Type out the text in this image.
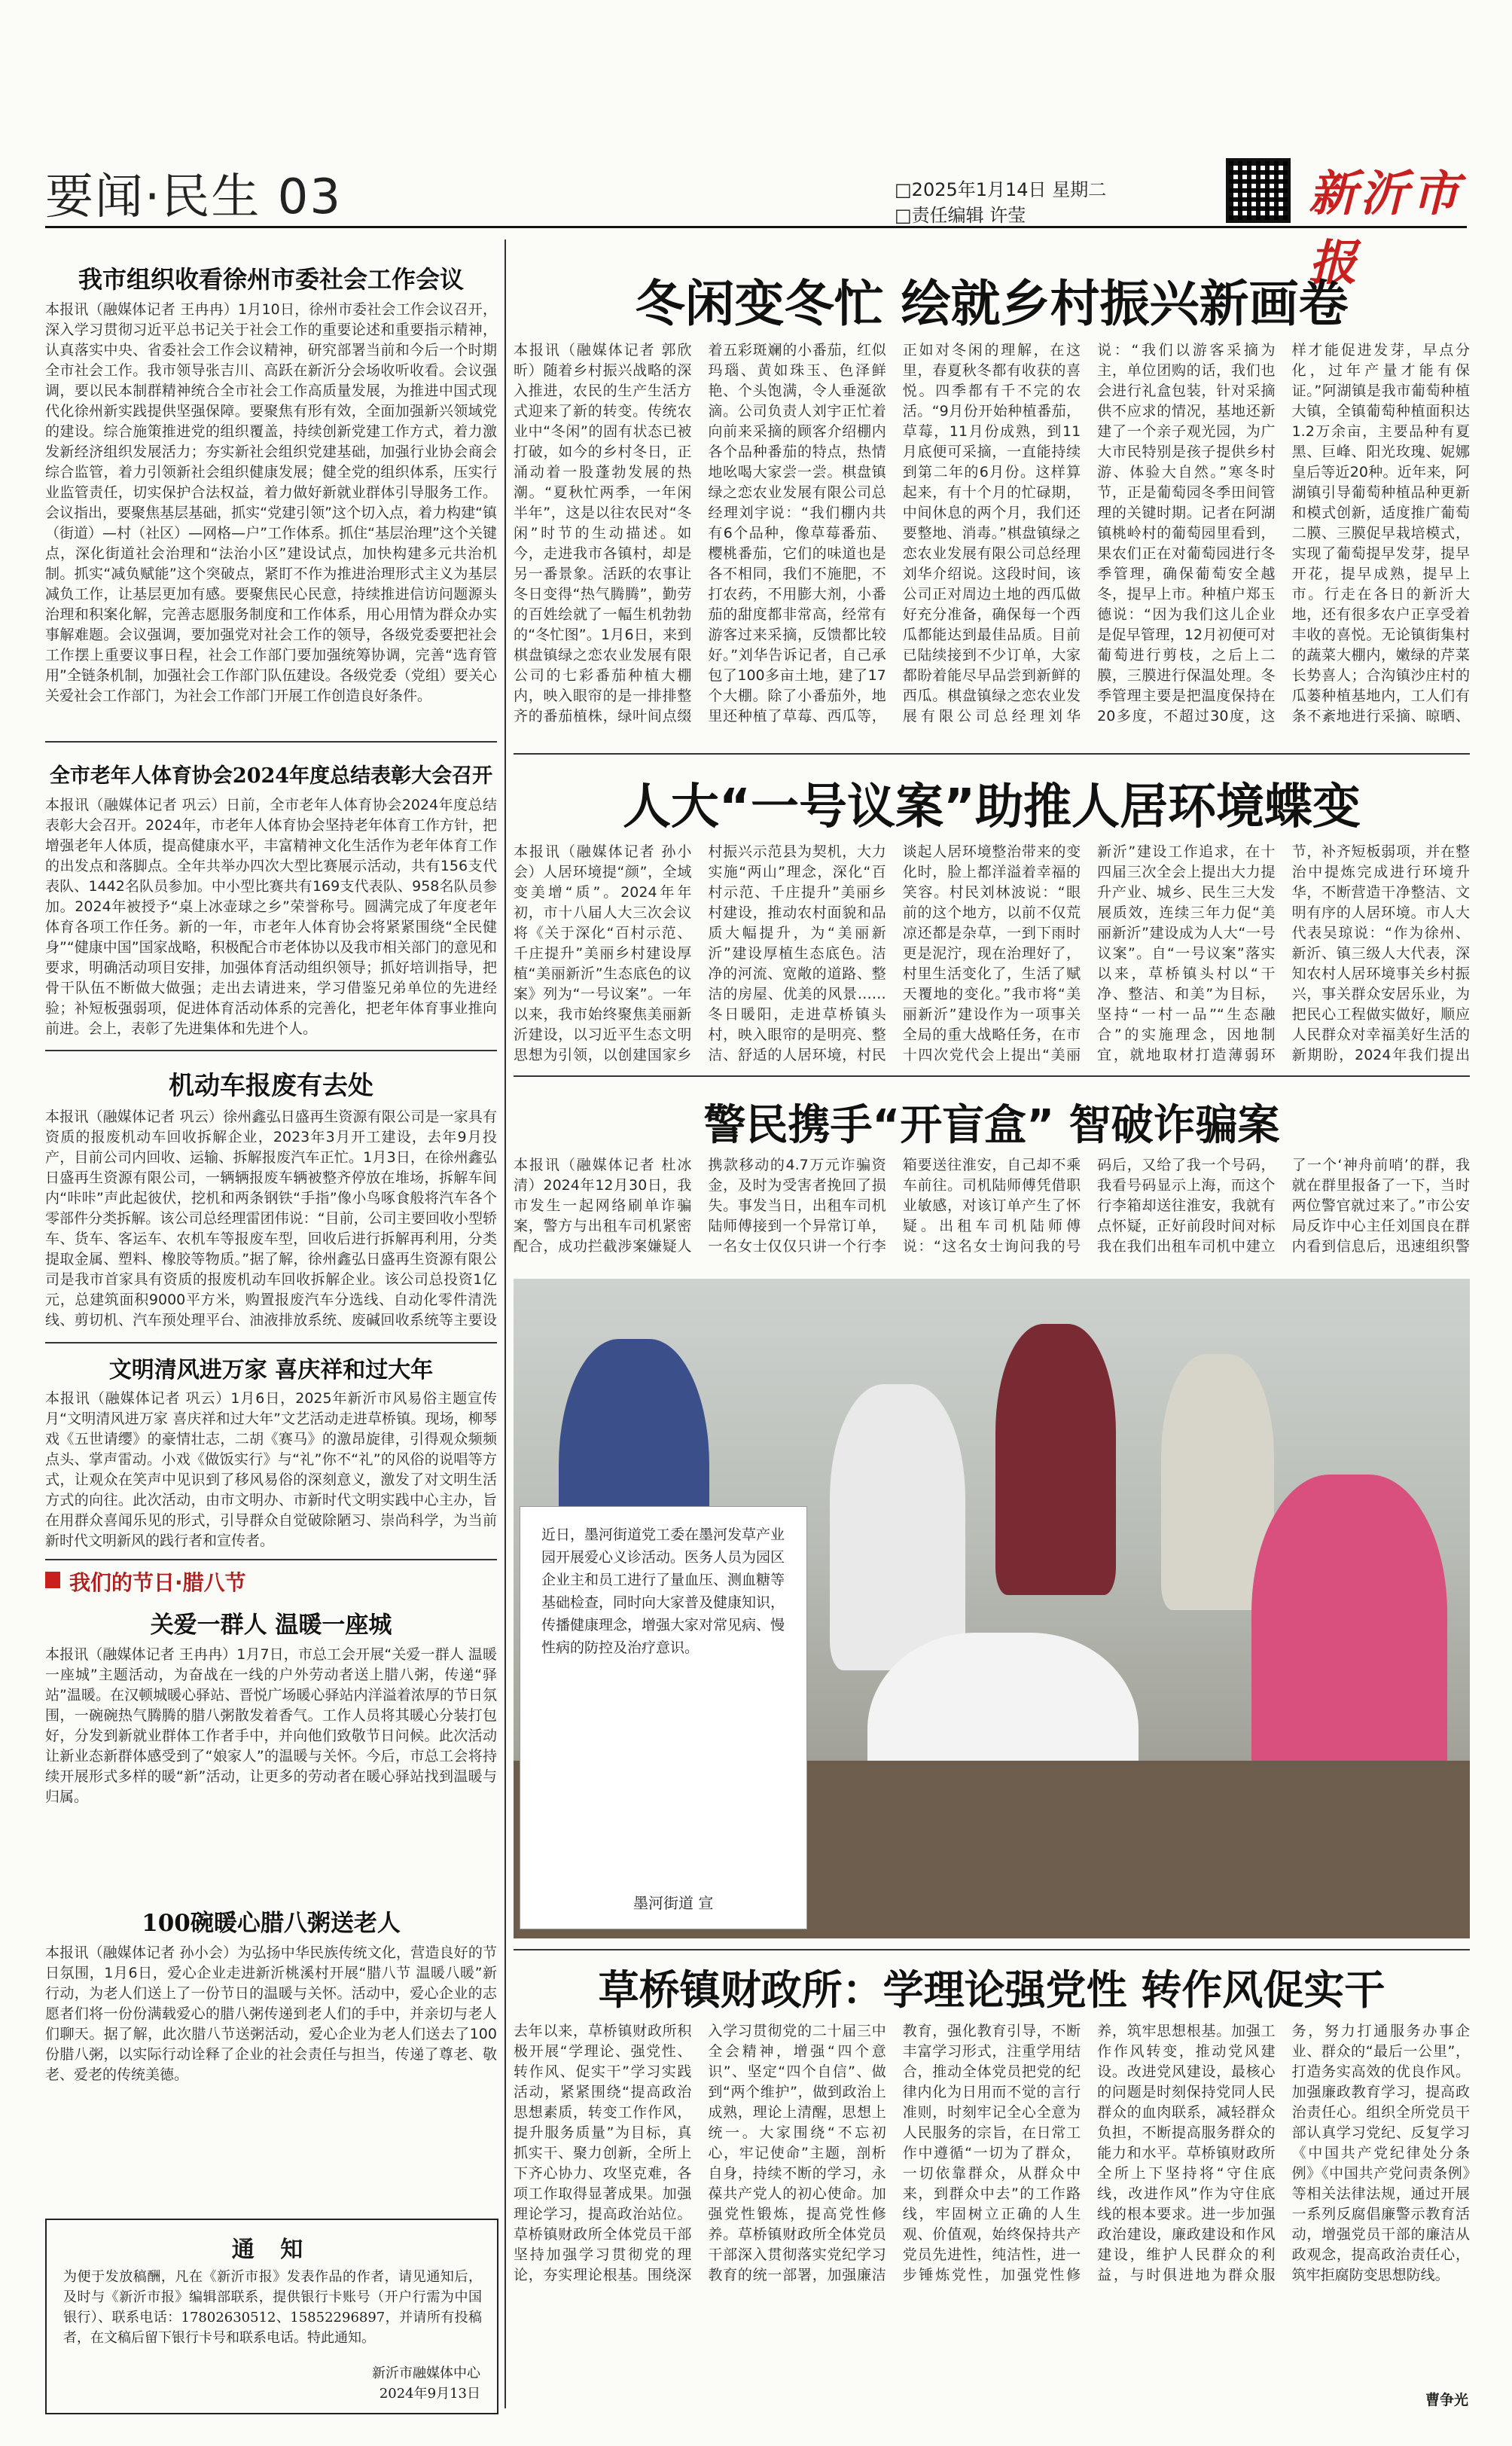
要闻·民生 03	□2025年1月14日 星期二
□责任编辑 许莹	新沂市报
我市组织收看徐州市委社会工作会议
本报讯（融媒体记者 王冉冉）1月10日，徐州市委社会工作会议召开，深入学习贯彻习近平总书记关于社会工作的重要论述和重要指示精神，认真落实中央、省委社会工作会议精神，研究部署当前和今后一个时期全市社会工作。我市领导张吉川、高跃在新沂分会场收听收看。会议强调，要以民本制群精神统合全市社会工作高质量发展，为推进中国式现代化徐州新实践提供坚强保障。要聚焦有形有效，全面加强新兴领域党的建设。综合施策推进党的组织覆盖，持续创新党建工作方式，着力激发新经济组织发展活力；夯实新社会组织党建基础，加强行业协会商会综合监管，着力引领新社会组织健康发展；健全党的组织体系，压实行业监管责任，切实保护合法权益，着力做好新就业群体引导服务工作。会议指出，要聚焦基层基础，抓实“党建引领”这个切入点，着力构建“镇（街道）—村（社区）—网格—户”工作体系。抓住“基层治理”这个关键点，深化街道社会治理和“法治小区”建设试点，加快构建多元共治机制。抓实“减负赋能”这个突破点，紧盯不作为推进治理形式主义为基层减负工作，让基层更加有感。要聚焦民心民意，持续推进信访问题源头治理和积案化解，完善志愿服务制度和工作体系，用心用情为群众办实事解难题。会议强调，要加强党对社会工作的领导，各级党委要把社会工作摆上重要议事日程，社会工作部门要加强统筹协调，完善“选育管用”全链条机制，加强社会工作部门队伍建设。各级党委（党组）要关心关爱社会工作部门，为社会工作部门开展工作创造良好条件。
全市老年人体育协会2024年度总结表彰大会召开
本报讯（融媒体记者 巩云）日前，全市老年人体育协会2024年度总结表彰大会召开。2024年，市老年人体育协会坚持老年体育工作方针，把增强老年人体质，提高健康水平，丰富精神文化生活作为老年体育工作的出发点和落脚点。全年共举办四次大型比赛展示活动，共有156支代表队、1442名队员参加。中小型比赛共有169支代表队、958名队员参加。2024年被授予“桌上冰壶球之乡”荣誉称号。圆满完成了年度老年体育各项工作任务。新的一年，市老年人体育协会将紧紧围绕“全民健身”“健康中国”国家战略，积极配合市老体协以及我市相关部门的意见和要求，明确活动项目安排，加强体育活动组织领导；抓好培训指导，把骨干队伍不断做大做强；走出去请进来，学习借鉴兄弟单位的先进经验；补短板强弱项，促进体育活动体系的完善化，把老年体育事业推向前进。会上，表彰了先进集体和先进个人。
机动车报废有去处
本报讯（融媒体记者 巩云）徐州鑫弘日盛再生资源有限公司是一家具有资质的报废机动车回收拆解企业，2023年3月开工建设，去年9月投产，目前公司内回收、运输、拆解报废汽车正忙。1月3日，在徐州鑫弘日盛再生资源有限公司，一辆辆报废车辆被整齐停放在堆场，拆解车间内“咔咔”声此起彼伏，挖机和两条钢铁“手指”像小鸟啄食般将汽车各个零部件分类拆解。该公司总经理雷团伟说：“目前，公司主要回收小型轿车、货车、客运车、农机车等报废车型，回收后进行拆解再利用，分类提取金属、塑料、橡胶等物质。”据了解，徐州鑫弘日盛再生资源有限公司是我市首家具有资质的报废机动车回收拆解企业。该公司总投资1亿元，总建筑面积9000平方米，购置报废汽车分选线、自动化零件清洗线、剪切机、汽车预处理平台、油液排放系统、废碱回收系统等主要设
我们的节日·腊八节
关爱一群人 温暖一座城
本报讯（融媒体记者 王冉冉）1月7日，市总工会开展“关爱一群人 温暖一座城”主题活动，为奋战在一线的户外劳动者送上腊八粥，传递“驿站”温暖。在汉顿城暖心驿站、晋悦广场暖心驿站内洋溢着浓厚的节日氛围，一碗碗热气腾腾的腊八粥散发着香气。工作人员将其暖心分装打包好，分发到新就业群体工作者手中，并向他们致敬节日问候。此次活动让新业态新群体感受到了“娘家人”的温暖与关怀。今后，市总工会将持续开展形式多样的暖“新”活动，让更多的劳动者在暖心驿站找到温暖与归属。
100碗暖心腊八粥送老人
本报讯（融媒体记者 孙小会）为弘扬中华民族传统文化，营造良好的节日氛围，1月6日，爱心企业走进新沂桃溪村开展“腊八节 温暖八暖”新行动，为老人们送上了一份节日的温暖与关怀。活动中，爱心企业的志愿者们将一份份满载爱心的腊八粥传递到老人们的手中，并亲切与老人们聊天。据了解，此次腊八节送粥活动，爱心企业为老人们送去了100份腊八粥，以实际行动诠释了企业的社会责任与担当，传递了尊老、敬老、爱老的传统美德。
通 知
为便于发放稿酬，凡在《新沂市报》发表作品的作者，请见通知后，及时与《新沂市报》编辑部联系，提供银行卡账号（开户行需为中国银行）、联系电话：17802630512、15852296897，并请所有投稿者，在文稿后留下银行卡号和联系电话。特此通知。
新沂市融媒体中心
2024年9月13日
冬闲变冬忙 绘就乡村振兴新画卷
本报讯（融媒体记者 郭欣昕）随着乡村振兴战略的深入推进，农民的生产生活方式迎来了新的转变。传统农业中“冬闲”的固有状态已被打破，如今的乡村冬日，正涌动着一股蓬勃发展的热潮。“夏秋忙两季，一年闲半年”，这是以往农民对“冬闲”时节的生动描述。如今，走进我市各镇村，却是另一番景象。活跃的农事让冬日变得“热气腾腾”，勤劳的百姓绘就了一幅生机勃勃的“冬忙图”。1月6日，来到棋盘镇绿之恋农业发展有限公司的七彩番茄种植大棚内，映入眼帘的是一排排整齐的番茄植株，绿叶间点缀着五彩斑斓的小番茄，红似玛瑙、黄如珠玉、色泽鲜艳、个头饱满，令人垂涎欲滴。公司负责人刘宇正忙着向前来采摘的顾客介绍棚内各个品种番茄的特点，热情地吆喝大家尝一尝。棋盘镇绿之恋农业发展有限公司总经理刘宇说：“我们棚内共有6个品种，像草莓番茄、樱桃番茄，它们的味道也是各不相同，我们不施肥，不打农药，不用膨大剂，小番茄的甜度都非常高，经常有游客过来采摘，反馈都比较好。”刘华告诉记者，自己承包了100多亩土地，建了17个大棚。除了小番茄外，地里还种植了草莓、西瓜等，正如对冬闲的理解，在这里，春夏秋冬都有收获的喜悦。四季都有千不完的农活。“9月份开始种植番茄，草莓，11月份成熟，到11月底便可采摘，一直能持续到第二年的6月份。这样算起来，有十个月的忙碌期，中间休息的两个月，我们还要整地、消毒。”棋盘镇绿之恋农业发展有限公司总经理刘华介绍说。这段时间，该公司正对周边土地的西瓜做好充分准备，确保每一个西瓜都能达到最佳品质。目前已陆续接到不少订单，大家都盼着能尽早品尝到新鲜的西瓜。棋盘镇绿之恋农业发展有限公司总经理刘华说：“我们以游客采摘为主，单位团购的话，我们也会进行礼盒包装，针对采摘供不应求的情况，基地还新建了一个亲子观光园，为广大市民特别是孩子提供乡村游、体验大自然。”寒冬时节，正是葡萄园冬季田间管理的关键时期。记者在阿湖镇桃岭村的葡萄园里看到，果农们正在对葡萄园进行冬季管理，确保葡萄安全越冬，提早上市。种植户郑玉德说：“因为我们这儿企业是促早管理，12月初便可对葡萄进行剪枝，之后上二膜，三膜进行保温处理。冬季管理主要是把温度保持在20多度，不超过30度，这样才能促进发芽，早点分化，过年产量才能有保证。”阿湖镇是我市葡萄种植大镇，全镇葡萄种植面积达1.2万余亩，主要品种有夏黑、巨峰、阳光玫瑰、妮娜皇后等近20种。近年来，阿湖镇引导葡萄种植品种更新和模式创新，适度推广葡萄二膜、三膜促早栽培模式，实现了葡萄提早发芽，提早开花，提早成熟，提早上市。行走在各日的新沂大地，还有很多农户正享受着丰收的喜悦。无论镇街集村的蔬菜大棚内，嫩绿的芹菜长势喜人；合沟镇沙庄村的瓜蒌种植基地内，工人们有条不紊地进行采摘、晾晒、
人大“一号议案”助推人居环境蝶变
本报讯（融媒体记者 孙小会）人居环境提“颜”，全域变美增“质”。2024年年初，市十八届人大三次会议将《关于深化“百村示范、千庄提升”美丽乡村建设厚植“美丽新沂”生态底色的议案》列为“一号议案”。一年以来，我市始终聚焦美丽新沂建设，以习近平生态文明思想为引领，以创建国家乡村振兴示范县为契机，大力实施“两山”理念，深化“百村示范、千庄提升”美丽乡村建设，推动农村面貌和品质大幅提升，为“美丽新沂”建设厚植生态底色。洁净的河流、宽敞的道路、整洁的房屋、优美的风景……冬日暖阳，走进草桥镇头村，映入眼帘的是明亮、整洁、舒适的人居环境，村民谈起人居环境整治带来的变化时，脸上都洋溢着幸福的笑容。村民刘林波说：“眼前的这个地方，以前不仅荒凉还都是杂草，一到下雨时更是泥泞，现在治理好了，村里生活变化了，生活了赋天覆地的变化。”我市将“美丽新沂”建设作为一项事关全局的重大战略任务，在市十四次党代会上提出“美丽新沂”建设工作追求，在十四届三次全会上提出大力提升产业、城乡、民生三大发展质效，连续三年力促“美丽新沂”建设成为人大“一号议案”。自“一号议案”落实以来，草桥镇头村以“干净、整洁、和美”为目标，坚持“一村一品”“生态融合”的实施理念，因地制宜，就地取材打造薄弱环节，补齐短板弱项，并在整治中提炼完成进行环境升华，不断营造干净整洁、文明有序的人居环境。市人大代表吴琼说：“作为徐州、新沂、镇三级人大代表，深知农村人居环境事关乡村振兴，事关群众安居乐业，为把民心工程做实做好，顺应人民群众对幸福美好生活的新期盼，2024年我们提出
警民携手“开盲盒” 智破诈骗案
本报讯（融媒体记者 杜冰清）2024年12月30日，我市发生一起网络刷单诈骗案，警方与出租车司机紧密配合，成功拦截涉案嫌疑人携款移动的4.7万元诈骗资金，及时为受害者挽回了损失。事发当日，出租车司机陆师傅接到一个异常订单，一名女士仅仅只讲一个行李箱要送往淮安，自己却不乘车前往。司机陆师傅凭借职业敏感，对该订单产生了怀疑。出租车司机陆师傅说：“这名女士询问我的号码后，又给了我一个号码，我看号码显示上海，而这个行李箱却送往淮安，我就有点怀疑，正好前段时间对标我在我们出租车司机中建立了一个‘神舟前哨’的群，我就在群里报备了一下，当时两位警官就过来了。”市公安局反诈中心主任刘国良在群内看到信息后，迅速组织警
近日，墨河街道党工委在墨河发草产业园开展爱心义诊活动。医务人员为园区企业主和员工进行了量血压、测血糖等基础检查，同时向大家普及健康知识，传播健康理念，增强大家对常见病、慢性病的防控及治疗意识。
墨河街道 宣
草桥镇财政所：学理论强党性 转作风促实干
去年以来，草桥镇财政所积极开展“学理论、强党性、转作风、促实干”学习实践活动，紧紧围绕“提高政治思想素质，转变工作作风，提升服务质量”为目标，真抓实干、聚力创新，全所上下齐心协力、攻坚克难，各项工作取得显著成果。加强理论学习，提高政治站位。草桥镇财政所全体党员干部坚持加强学习贯彻党的理论，夯实理论根基。围绕深入学习贯彻党的二十届三中全会精神，增强“四个意识”、坚定“四个自信”、做到“两个维护”，做到政治上成熟，理论上清醒，思想上统一。大家围绕“不忘初心，牢记使命”主题，剖析自身，持续不断的学习，永葆共产党人的初心使命。加强党性锻炼，提高党性修养。草桥镇财政所全体党员干部深入贯彻落实党纪学习教育的统一部署，加强廉洁教育，强化教育引导，不断丰富学习形式，注重学用结合，推动全体党员把党的纪律内化为日用而不觉的言行准则，时刻牢记全心全意为人民服务的宗旨，在日常工作中遵循“一切为了群众，一切依靠群众，从群众中来，到群众中去”的工作路线，牢固树立正确的人生观、价值观，始终保持共产党员先进性，纯洁性，进一步锤炼党性，加强党性修养，筑牢思想根基。加强工作作风转变，推动党风建设。改进党风建设，最核心的问题是时刻保持党同人民群众的血肉联系，减轻群众负担，不断提高服务群众的能力和水平。草桥镇财政所全所上下坚持将“守住底线，改进作风”作为守住底线的根本要求。进一步加强政治建设，廉政建设和作风建设，维护人民群众的利益，与时俱进地为群众服务，努力打通服务办事企业、群众的“最后一公里”，打造务实高效的优良作风。加强廉政教育学习，提高政治责任心。组织全所党员干部认真学习党纪、反复学习《中国共产党纪律处分条例》《中国共产党问责条例》等相关法律法规，通过开展一系列反腐倡廉警示教育活动，增强党员干部的廉洁从政观念，提高政治责任心，筑牢拒腐防变思想防线。
曹争光
文明清风进万家 喜庆祥和过大年
本报讯（融媒体记者 巩云）1月6日，2025年新沂市风易俗主题宣传月“文明清风进万家 喜庆祥和过大年”文艺活动走进草桥镇。现场，柳琴戏《五世请缨》的豪情壮志，二胡《赛马》的激昂旋律，引得观众频频点头、掌声雷动。小戏《做饭实行》与“礼”你不“礼”的风俗的说唱等方式，让观众在笑声中见识到了移风易俗的深刻意义，激发了对文明生活方式的向往。此次活动，由市文明办、市新时代文明实践中心主办，旨在用群众喜闻乐见的形式，引导群众自觉破除陋习、崇尚科学，为当前新时代文明新风的践行者和宣传者。
